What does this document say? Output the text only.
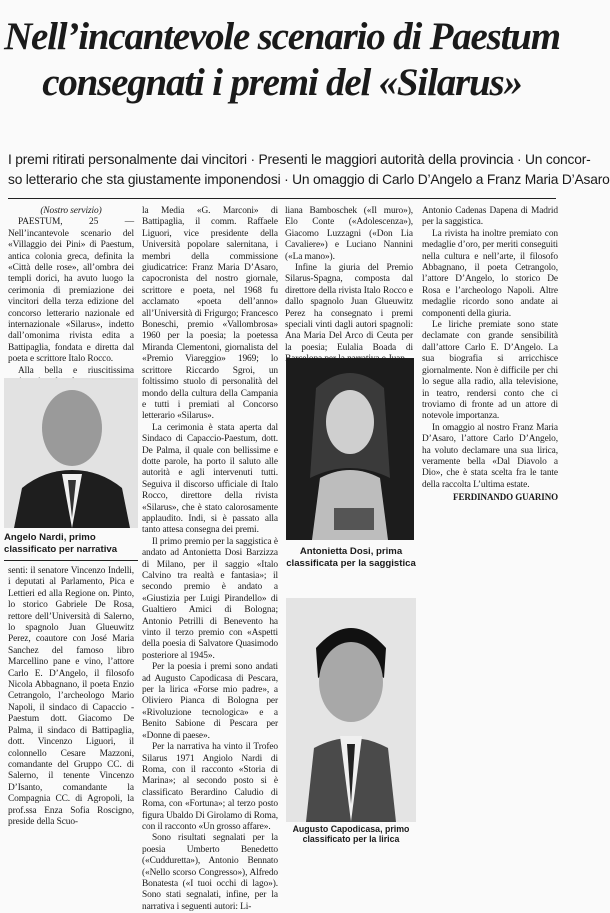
Nell’incantevole scenario di Paestum
consegnati i premi del «Silarus»
I premi ritirati personalmente dai vincitori · Presenti le maggiori autorità della provincia · Un concor-
so letterario che sta giustamente imponendosi · Un omaggio di Carlo D’Angelo a Franz Maria D’Asaro
(Nostro servizio)

PAESTUM, 25 — Nell’incantevole scenario del «Villaggio dei Pini» di Paestum, antica colonia greca, definita la «Città delle rose», all’ombra dei templi dorici, ha avuto luogo la cerimonia di premiazione dei vincitori della terza edizione del concorso letterario nazionale ed internazionale «Silarus», indetto dall’omonima rivista edita a Battipaglia, fondata e diretta dal poeta e scrittore Italo Rocco.

Alla bella e riuscitissima

Angelo Nardi, primo classificato per narrativa

senti: il senatore Vincenzo Indelli, i deputati al Parlamento, Pica e Lettieri ed alla Regione on. Pinto, lo storico Gabriele De Rosa, rettore dell’Università di Salerno, lo spagnolo Juan Glueuwitz Perez, coautore con José Maria Sanchez del famoso libro Marcellino pane e vino, l’attore Carlo E. D’Angelo, il filosofo Nicola Abbagnano, il poeta Enzio Cetrangolo, l’archeologo Mario Napoli, il sindaco di Capaccio - Paestum dott. Giacomo De Palma, il sindaco di Battipaglia, dott. Vincenzo Liguori, il colonnello Cesare Mazzoni, comandante del Gruppo CC. di Salerno, il tenente Vincenzo D’Isanto, comandante la Compagnia CC. di Agropoli, la prof.ssa Enza Sofia Roscigno, preside della Scuo-

la Media «G. Marconi» di Battipaglia, il comm. Raffaele Liguori, vice presidente della Università popolare salernitana, i membri della commissione giudicatrice: Franz Maria D’Asaro, capocronista del nostro giornale, scrittore e poeta, nel 1968 fu acclamato «poeta dell’anno» all’Università di Frigurgo; Francesco Boneschi, premio «Vallombrosa» 1960 per la poesia; la poetessa Miranda Clementoni, giornalista del «Premio Viareggio» 1969; lo scrittore Riccardo Sgroi, un foltissimo stuolo di personalità del mondo della cultura della Campania e tutti i premiati al Concorso letterario «Silarus».

La cerimonia è stata aperta dal Sindaco di Capaccio-Paestum, dott. De Palma, il quale con bellissime e dotte parole, ha porto il saluto alle autorità e agli intervenuti tutti. Seguiva il discorso ufficiale di Italo Rocco, direttore della rivista «Silarus», che è stato calorosamente applaudito. Indi, si è passato alla tanto attesa consegna dei premi.

Il primo premio per la saggistica è andato ad Antonietta Dosi Barzizza di Milano, per il saggio «Italo Calvino tra realtà e fantasia»; il secondo premio è andato a «Giustizia per Luigi Pirandello» di Gualtiero Amici di Bologna; Antonio Petrilli di Benevento ha vinto il terzo premio con «Aspetti della poesia di Salvatore Quasimodo posteriore al 1945».

Per la poesia i premi sono andati ad Augusto Capodicasa di Pescara, per la lirica «Forse mio padre», a Oliviero Pianca di Bologna per «Rivoluzione tecnologica» e a Benito Sabione di Pescara per «Donne di paese».

Per la narrativa ha vinto il Trofeo Silarus 1971 Angiolo Nardi di Roma, con il racconto «Storia di Marina»; al secondo posto si è classificato Berardino Caludio di Roma, con «Fortuna»; al terzo posto figura Ubaldo Di Girolamo di Roma, con il racconto «Un grosso affare».

Sono risultati segnalati per la poesia Umberto Benedetto («Cudduretta»), Antonio Bennato («Nello scorso Congresso»), Alfredo Bonatesta («I tuoi occhi di lago»). Sono stati segnalati, infine, per la narrativa i seguenti autori: Li-

liana Bamboschek («Il muro»), Elo Conte («Adolescenza»), Giacomo Luzzagni («Don Lia Cavaliere») e Luciano Nannini («La mano»).

Infine la giuria del Premio Silarus-Spagna, composta dal direttore della rivista Italo Rocco e dallo spagnolo Juan Glueuwitz Perez ha consegnato i premi speciali vinti dagli autori spagnoli: Ana Maria Del Arco di Ceuta per la poesia; Eulalia Boada di

Antonietta Dosi, prima classificata per la saggistica
Augusto Capodicasa, primo classificato per la lirica

Antonio Cadenas Dapena di Madrid per la saggistica.

La rivista ha inoltre premiato con medaglie d’oro, per meriti conseguiti nella cultura e nell’arte, il filosofo Abbagnano, il poeta Cetrangolo, l’attore D’Angelo, lo storico De Rosa e l’archeologo Napoli. Altre medaglie ricordo sono andate ai componenti della giuria.

Le liriche premiate sono state declamate con grande sensibilità dall’attore Carlo E. D’Angelo. La sua biografia si arricchisce giornalmente. Non è difficile per chi lo segue alla radio, alla televisione, in teatro, rendersi conto che ci troviamo di fronte ad un attore di notevole importanza.

In omaggio al nostro Franz Maria D’Asaro, l’attore Carlo D’Angelo, ha voluto declamare una sua lirica, veramente bella «Dal Diavolo a Dio», che è stata scelta fra le tante della raccolta L’ultima estate.

FERDINANDO GUARINO
